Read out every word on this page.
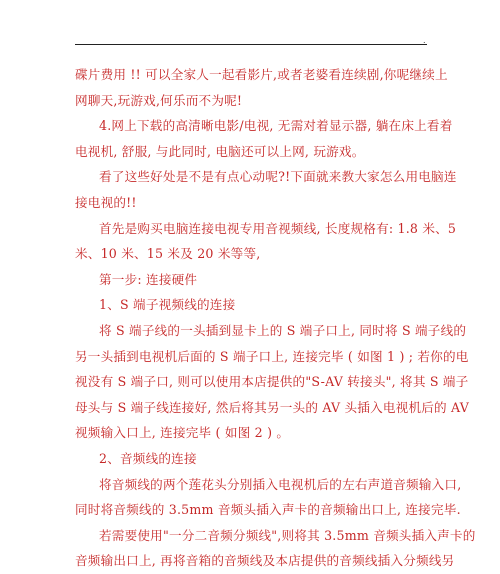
.
碟片费用 !! 可以全家人一起看影片,或者老婆看连续剧,你呢继续上
网聊天,玩游戏,何乐而不为呢!
4.网上下载的高清晰电影/电视, 无需对着显示器, 躺在床上看着
电视机, 舒服, 与此同时, 电脑还可以上网, 玩游戏。
看了这些好处是不是有点心动呢?!下面就来教大家怎么用电脑连
接电视的!!
首先是购买电脑连接电视专用音视频线, 长度规格有: 1.8 米、5
米、10 米、15 米及 20 米等等,
第一步: 连接硬件
1、S 端子视频线的连接
将 S 端子线的一头插到显卡上的 S 端子口上, 同时将 S 端子线的
另一头插到电视机后面的 S 端子口上, 连接完毕 ( 如图 1 ) ; 若你的电
视没有 S 端子口, 则可以使用本店提供的"S-AV 转接头", 将其 S 端子
母头与 S 端子线连接好, 然后将其另一头的 AV 头插入电视机后的 AV
视频输入口上, 连接完毕 ( 如图 2 ) 。
2、音频线的连接
将音频线的两个莲花头分别插入电视机后的左右声道音频输入口,
同时将音频线的 3.5mm 音频头插入声卡的音频输出口上, 连接完毕.
若需要使用"一分二音频分频线",则将其 3.5mm 音频头插入声卡的
音频输出口上, 再将音箱的音频线及本店提供的音频线插入分频线另
